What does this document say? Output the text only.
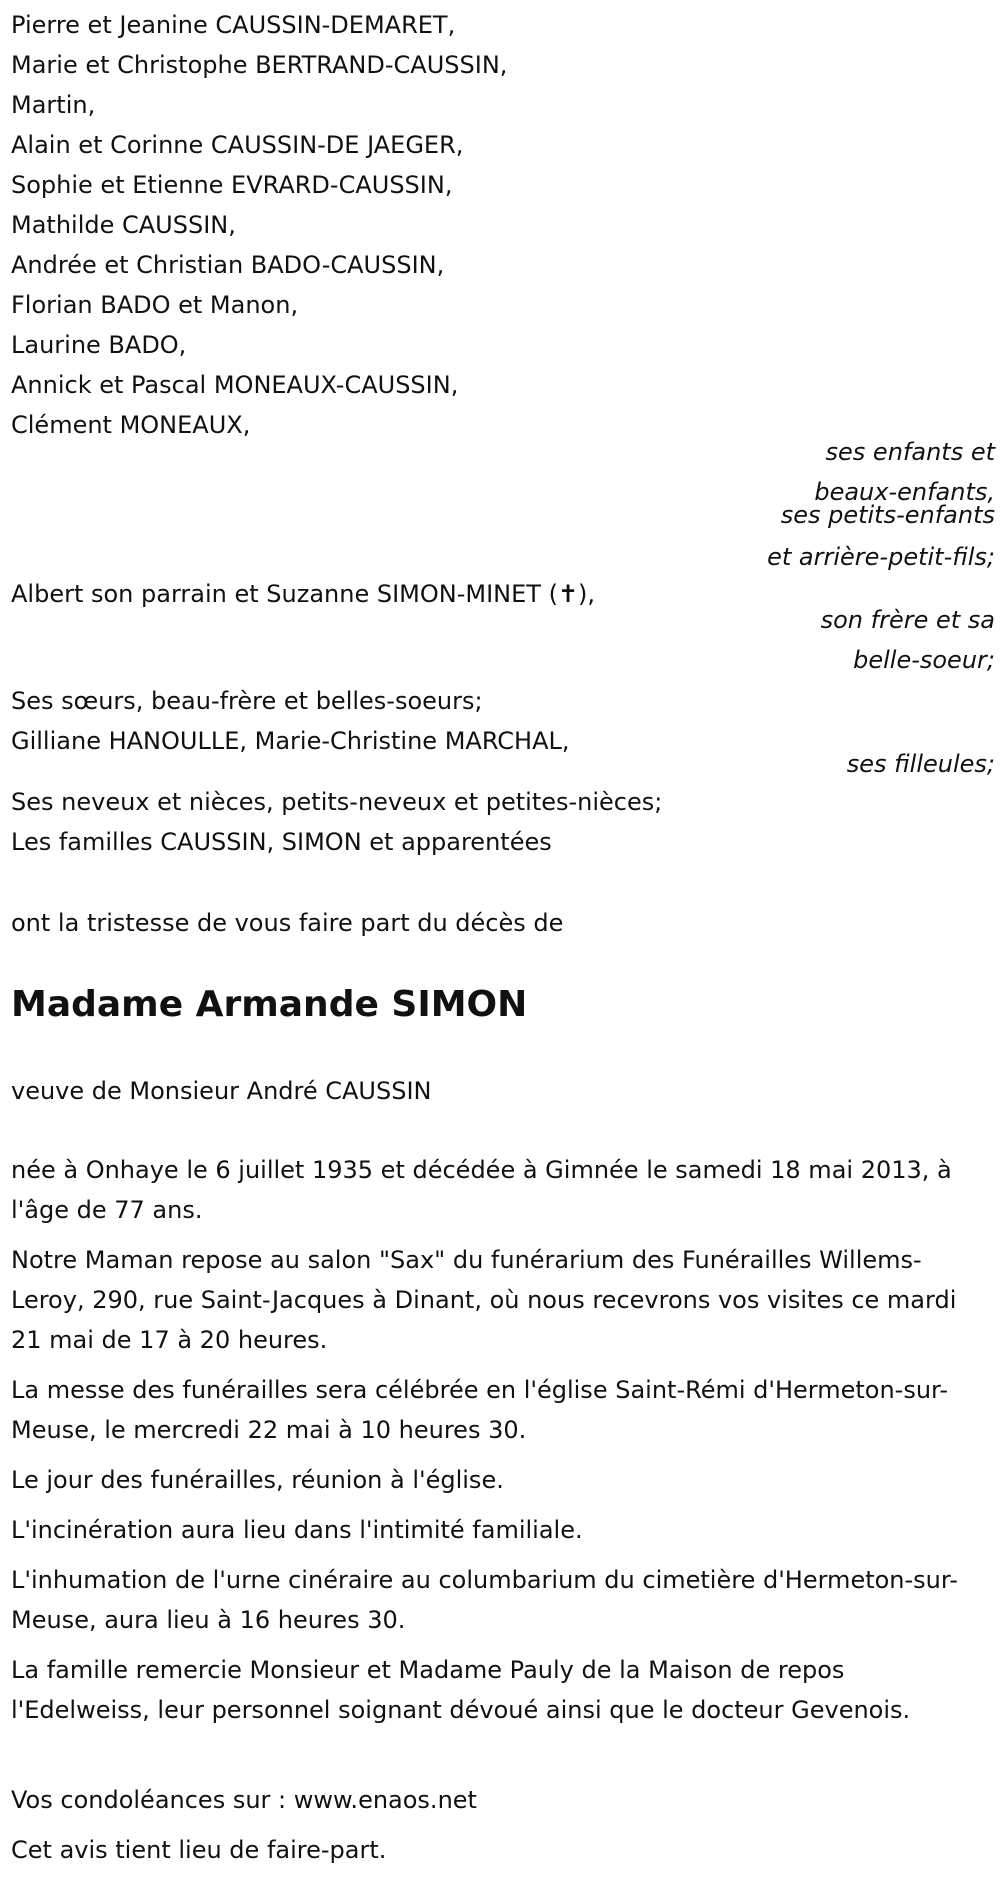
Pierre et Jeanine CAUSSIN-DEMARET,
Marie et Christophe BERTRAND-CAUSSIN,
Martin,
Alain et Corinne CAUSSIN-DE JAEGER,
Sophie et Etienne EVRARD-CAUSSIN,
Mathilde CAUSSIN,
Andrée et Christian BADO-CAUSSIN,
Florian BADO et Manon,
Laurine BADO,
Annick et Pascal MONEAUX-CAUSSIN,
Clément MONEAUX,
ses enfants et
beaux-enfants,
ses petits-enfants
et arrière-petit-fils;
Albert son parrain et Suzanne SIMON-MINET (✝),
son frère et sa
belle-soeur;
Ses sœurs, beau-frère et belles-soeurs;
Gilliane HANOULLE, Marie-Christine MARCHAL,
ses filleules;
Ses neveux et nièces, petits-neveux et petites-nièces;
Les familles CAUSSIN, SIMON et apparentées
ont la tristesse de vous faire part du décès de
Madame Armande SIMON
veuve de Monsieur André CAUSSIN
née à Onhaye le 6 juillet 1935 et décédée à Gimnée le samedi 18 mai 2013, à l'âge de 77 ans.
Notre Maman repose au salon "Sax" du funérarium des Funérailles Willems-Leroy, 290, rue Saint-Jacques à Dinant, où nous recevrons vos visites ce mardi 21 mai de 17 à 20 heures.
La messe des funérailles sera célébrée en l'église Saint-Rémi d'Hermeton-sur-Meuse, le mercredi 22 mai à 10 heures 30.
Le jour des funérailles, réunion à l'église.
L'incinération aura lieu dans l'intimité familiale.
L'inhumation de l'urne cinéraire au columbarium du cimetière d'Hermeton-sur-Meuse, aura lieu à 16 heures 30.
La famille remercie Monsieur et Madame Pauly de la Maison de repos l'Edelweiss, leur personnel soignant dévoué ainsi que le docteur Gevenois.
Vos condoléances sur : www.enaos.net
Cet avis tient lieu de faire-part.
